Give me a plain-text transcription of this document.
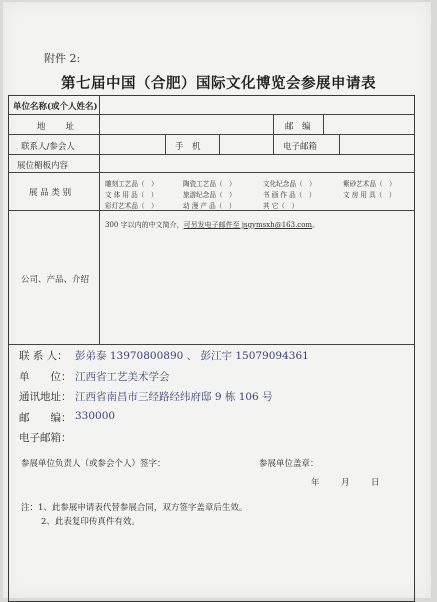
附件 2:
第七届中国（合肥）国际文化博览会参展申请表
单位名称(或个人姓名)
地　　址	邮　编
联系人/参会人	手　机	电子邮箱
展位楣板内容
展 品 类 别
雕刻工艺品（　）	陶瓷工艺品（　）	文化纪念品（　）	紫砂艺术品（　）
文 体 用 品（　）	旅游纪念品（　）	书 画 作 品（　）	文 房 用 具（　）
彩灯艺术品（　）	动 漫 产 品（　）	其 它（　）
公司、产品、介绍
300 字以内的中文简介，可另发电子邮件至 jsgymsxh@163.com。
联 系 人： 彭弟泰 13970800890 、 彭江宇 15079094361
单　　位： 江西省工艺美术学会
通讯地址： 江西省南昌市三经路经纬府邸 9 栋 106 号
邮　　编： 330000
电子邮箱：
参展单位负责人（或参会个人）签字：	参展单位盖章：
年	月	日
注：1、此参展申请表代替参展合同，双方签字盖章后生效。
2、此表复印传真件有效。
